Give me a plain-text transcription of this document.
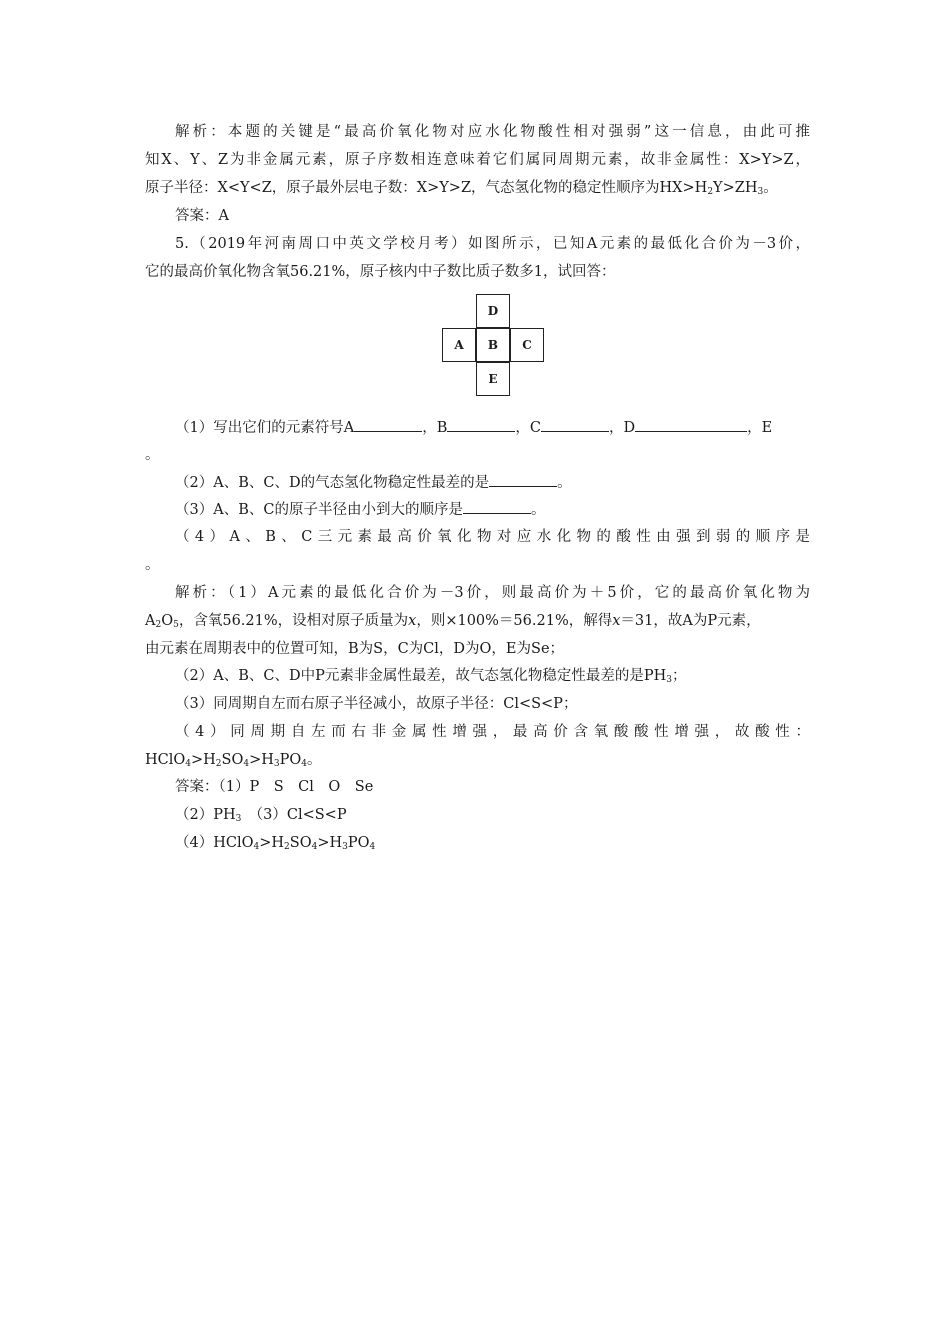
解析：本题的关键是“最高价氧化物对应水化物酸性相对强弱”这一信息，由此可推
知X、Y、Z为非金属元素，原子序数相连意味着它们属同周期元素，故非金属性：X>Y>Z，
原子半径：X<Y<Z，原子最外层电子数：X>Y>Z，气态氢化物的稳定性顺序为$HX>H_2Y>ZH_3$。
答案：A
5.（2019年河南周口中英文学校月考）如图所示，已知A元素的最低化合价为－3价，
它的最高价氧化物含氧56.21%，原子核内中子数比质子数多1，试回答：
D
A B C
E
（1）写出它们的元素符号A	，B	，C	，D	，E
。
（2）A、B、C、D的气态氢化物稳定性最差的是	。
（3）A、B、C的原子半径由小到大的顺序是	。
（4）A、B、C三元素最高价氧化物对应水化物的酸性由强到弱的顺序是
。
解析：（1）A元素的最低化合价为－3价，则最高价为＋5价，它的最高价氧化物为
$A_2O_5$，含氧56.21%，设相对原子质量为x，则×100%＝56.21%，解得x＝31，故A为P元素，
由元素在周期表中的位置可知，B为S，C为Cl，D为O，E为Se；
（2）A、B、C、D中P元素非金属性最差，故气态氢化物稳定性最差的是$PH_3$；
（3）同周期自左而右原子半径减小，故原子半径：Cl<S<P；
（4）同周期自左而右非金属性增强，最高价含氧酸酸性增强，故酸性：
$HClO_4>H_2SO_4>H_3PO_4$。
答案：（1）P　S　Cl　O　Se
$(2)PH_3$　（3）Cl<S<P
$(4)HClO_4>H_2SO_4>H_3PO_4$
